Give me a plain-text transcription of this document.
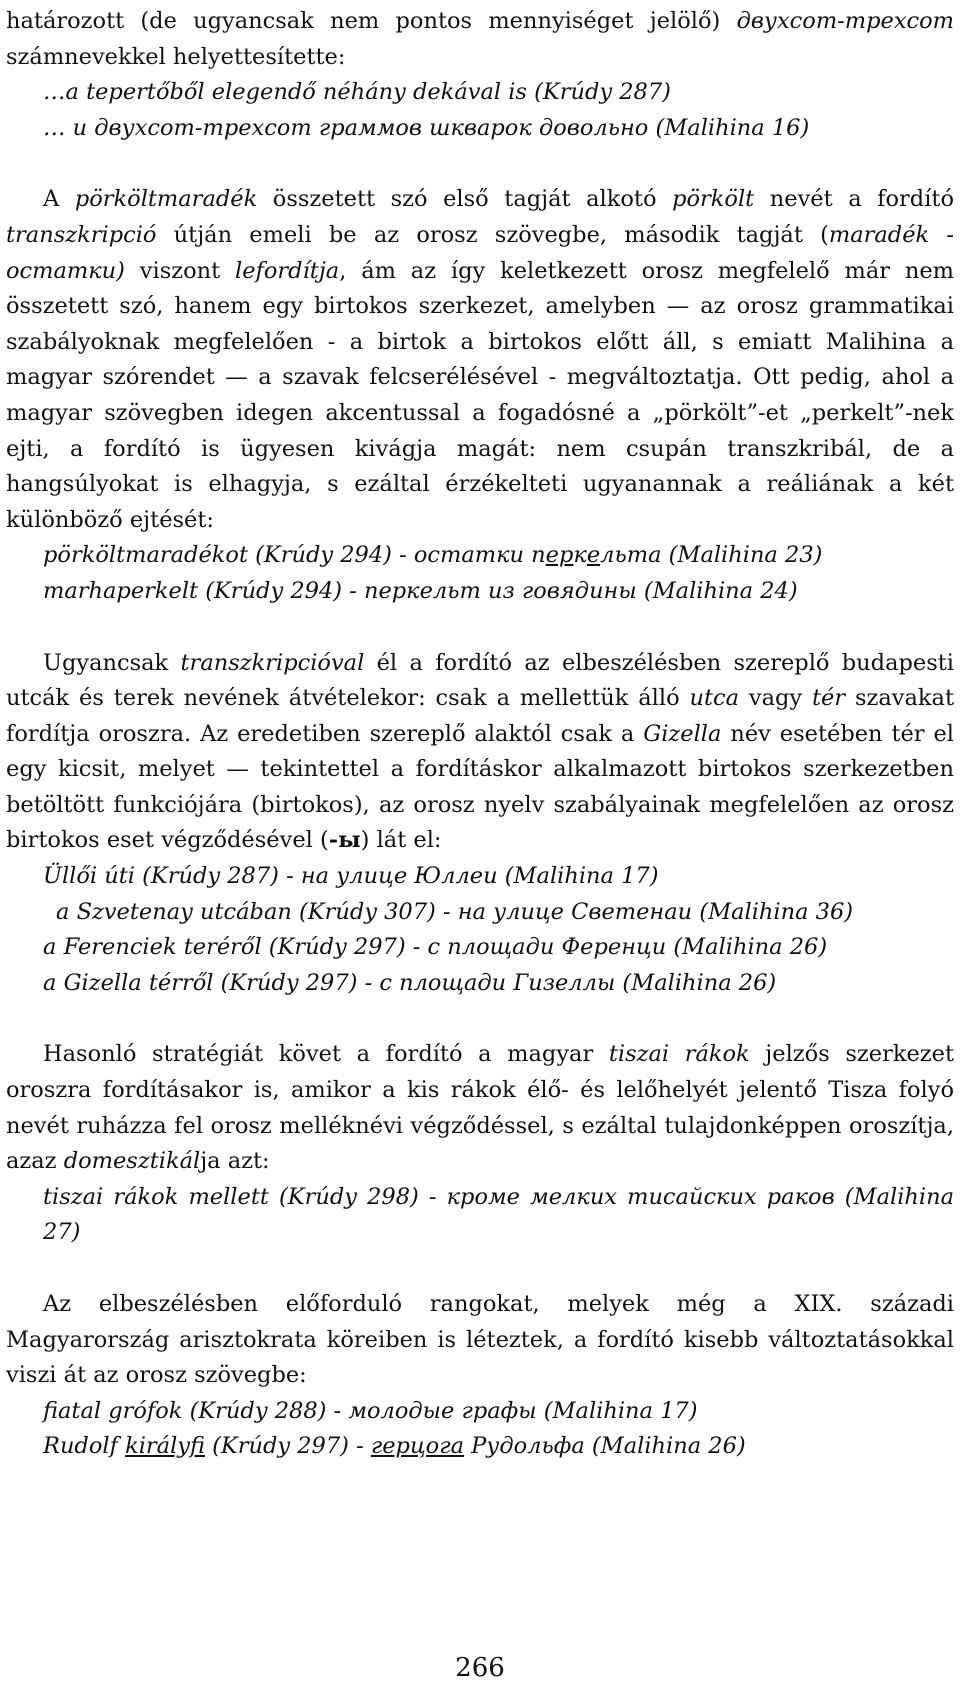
határozott (de ugyancsak nem pontos mennyiséget jelölő) двухсот-трехсот számnevekkel helyettesítette:

…a tepertőből elegendő néhány dekával is (Krúdy 287)

… и двухсот-трехсот граммов шкварок довольно (Malihina 16)

A pörköltmaradék összetett szó első tagját alkotó pörkölt nevét a fordító transzkripció útján emeli be az orosz szövegbe, második tagját (maradék - остатки) viszont lefordítja, ám az így keletkezett orosz megfelelő már nem összetett szó, hanem egy birtokos szerkezet, amelyben — az orosz grammatikai szabályoknak megfelelően - a birtok a birtokos előtt áll, s emiatt Malihina a magyar szórendet — a szavak felcserélésével - megváltoztatja. Ott pedig, ahol a magyar szövegben idegen akcentussal a fogadósné a „pörkölt”-et „perkelt”-nek ejti, a fordító is ügyesen kivágja magát: nem csupán transzkribál, de a hangsúlyokat is elhagyja, s ezáltal érzékelteti ugyanannak a reáliának a két különböző ejtését:

pörköltmaradékot (Krúdy 294) - остатки перкельта (Malihina 23)

marhaperkelt (Krúdy 294) - перкельт из говядины (Malihina 24)

Ugyancsak transzkripcióval él a fordító az elbeszélésben szereplő budapesti utcák és terek nevének átvételekor: csak a mellettük álló utca vagy tér szavakat fordítja oroszra. Az eredetiben szereplő alaktól csak a Gizella név esetében tér el egy kicsit, melyet — tekintettel a fordításkor alkalmazott birtokos szerkezetben betöltött funkciójára (birtokos), az orosz nyelv szabályainak megfelelően az orosz birtokos eset végződésével (-ы) lát el:

Üllői úti (Krúdy 287) - на улице Юллеи (Malihina 17)

a Szvetenay utcában (Krúdy 307) - на улице Светенаи (Malihina 36)

a Ferenciek teréről (Krúdy 297) - с площади Ференци (Malihina 26)

a Gizella térről (Krúdy 297) - с площади Гизеллы (Malihina 26)

Hasonló stratégiát követ a fordító a magyar tiszai rákok jelzős szerkezet oroszra fordításakor is, amikor a kis rákok élő- és lelőhelyét jelentő Tisza folyó nevét ruházza fel orosz melléknévi végződéssel, s ezáltal tulajdonképpen oroszítja, azaz domesztikálja azt:

tiszai rákok mellett (Krúdy 298) - кроме мелких тисайских раков (Malihina 27)

Az elbeszélésben előforduló rangokat, melyek még a XIX. századi Magyarország arisztokrata köreiben is léteztek, a fordító kisebb változtatásokkal viszi át az orosz szövegbe:

fiatal grófok (Krúdy 288) - молодые графы (Malihina 17)

Rudolf királyfi (Krúdy 297) - герцога Рудольфа (Malihina 26)

266
